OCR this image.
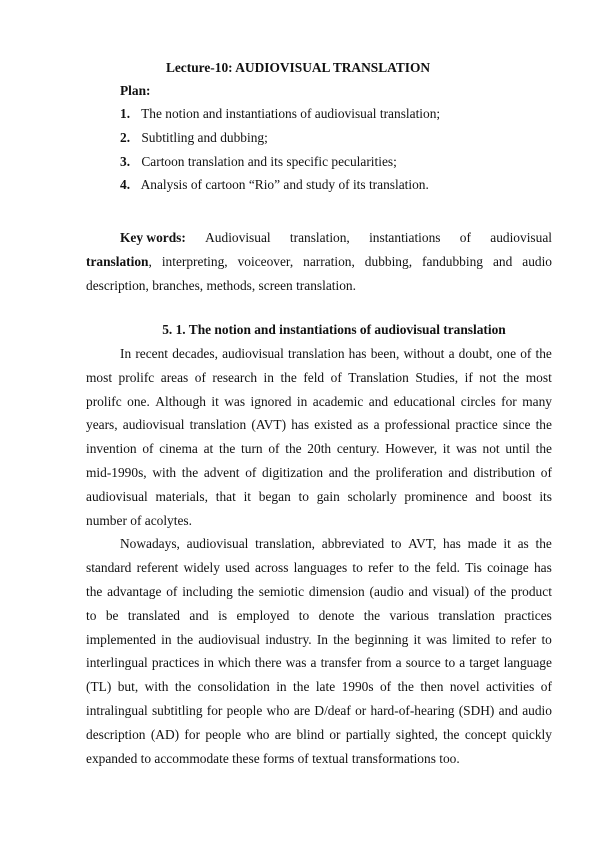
Lecture-10: AUDIOVISUAL TRANSLATION
Plan:
1. The notion and instantiations of audiovisual translation;
2. Subtitling and dubbing;
3. Cartoon translation and its specific pecularities;
4. Analysis of cartoon “Rio” and study of its translation.
Key words: Audiovisual translation, instantiations of audiovisual
translation, interpreting, voiceover, narration, dubbing, fandubbing and audio
description, branches, methods, screen translation.
5. 1. The notion and instantiations of audiovisual translation
In recent decades, audiovisual translation has been, without a doubt, one of the
most prolifc areas of research in the feld of Translation Studies, if not the most
prolifc one. Although it was ignored in academic and educational circles for many
years, audiovisual translation (AVT) has existed as a professional practice since the
invention of cinema at the turn of the 20th century. However, it was not until the
mid-1990s, with the advent of digitization and the proliferation and distribution of
audiovisual materials, that it began to gain scholarly prominence and boost its
number of acolytes.
Nowadays, audiovisual translation, abbreviated to AVT, has made it as the
standard referent widely used across languages to refer to the feld. Tis coinage has
the advantage of including the semiotic dimension (audio and visual) of the product
to be translated and is employed to denote the various translation practices
implemented in the audiovisual industry. In the beginning it was limited to refer to
interlingual practices in which there was a transfer from a source to a target language
(TL) but, with the consolidation in the late 1990s of the then novel activities of
intralingual subtitling for people who are D/deaf or hard-of-hearing (SDH) and audio
description (AD) for people who are blind or partially sighted, the concept quickly
expanded to accommodate these forms of textual transformations too.
